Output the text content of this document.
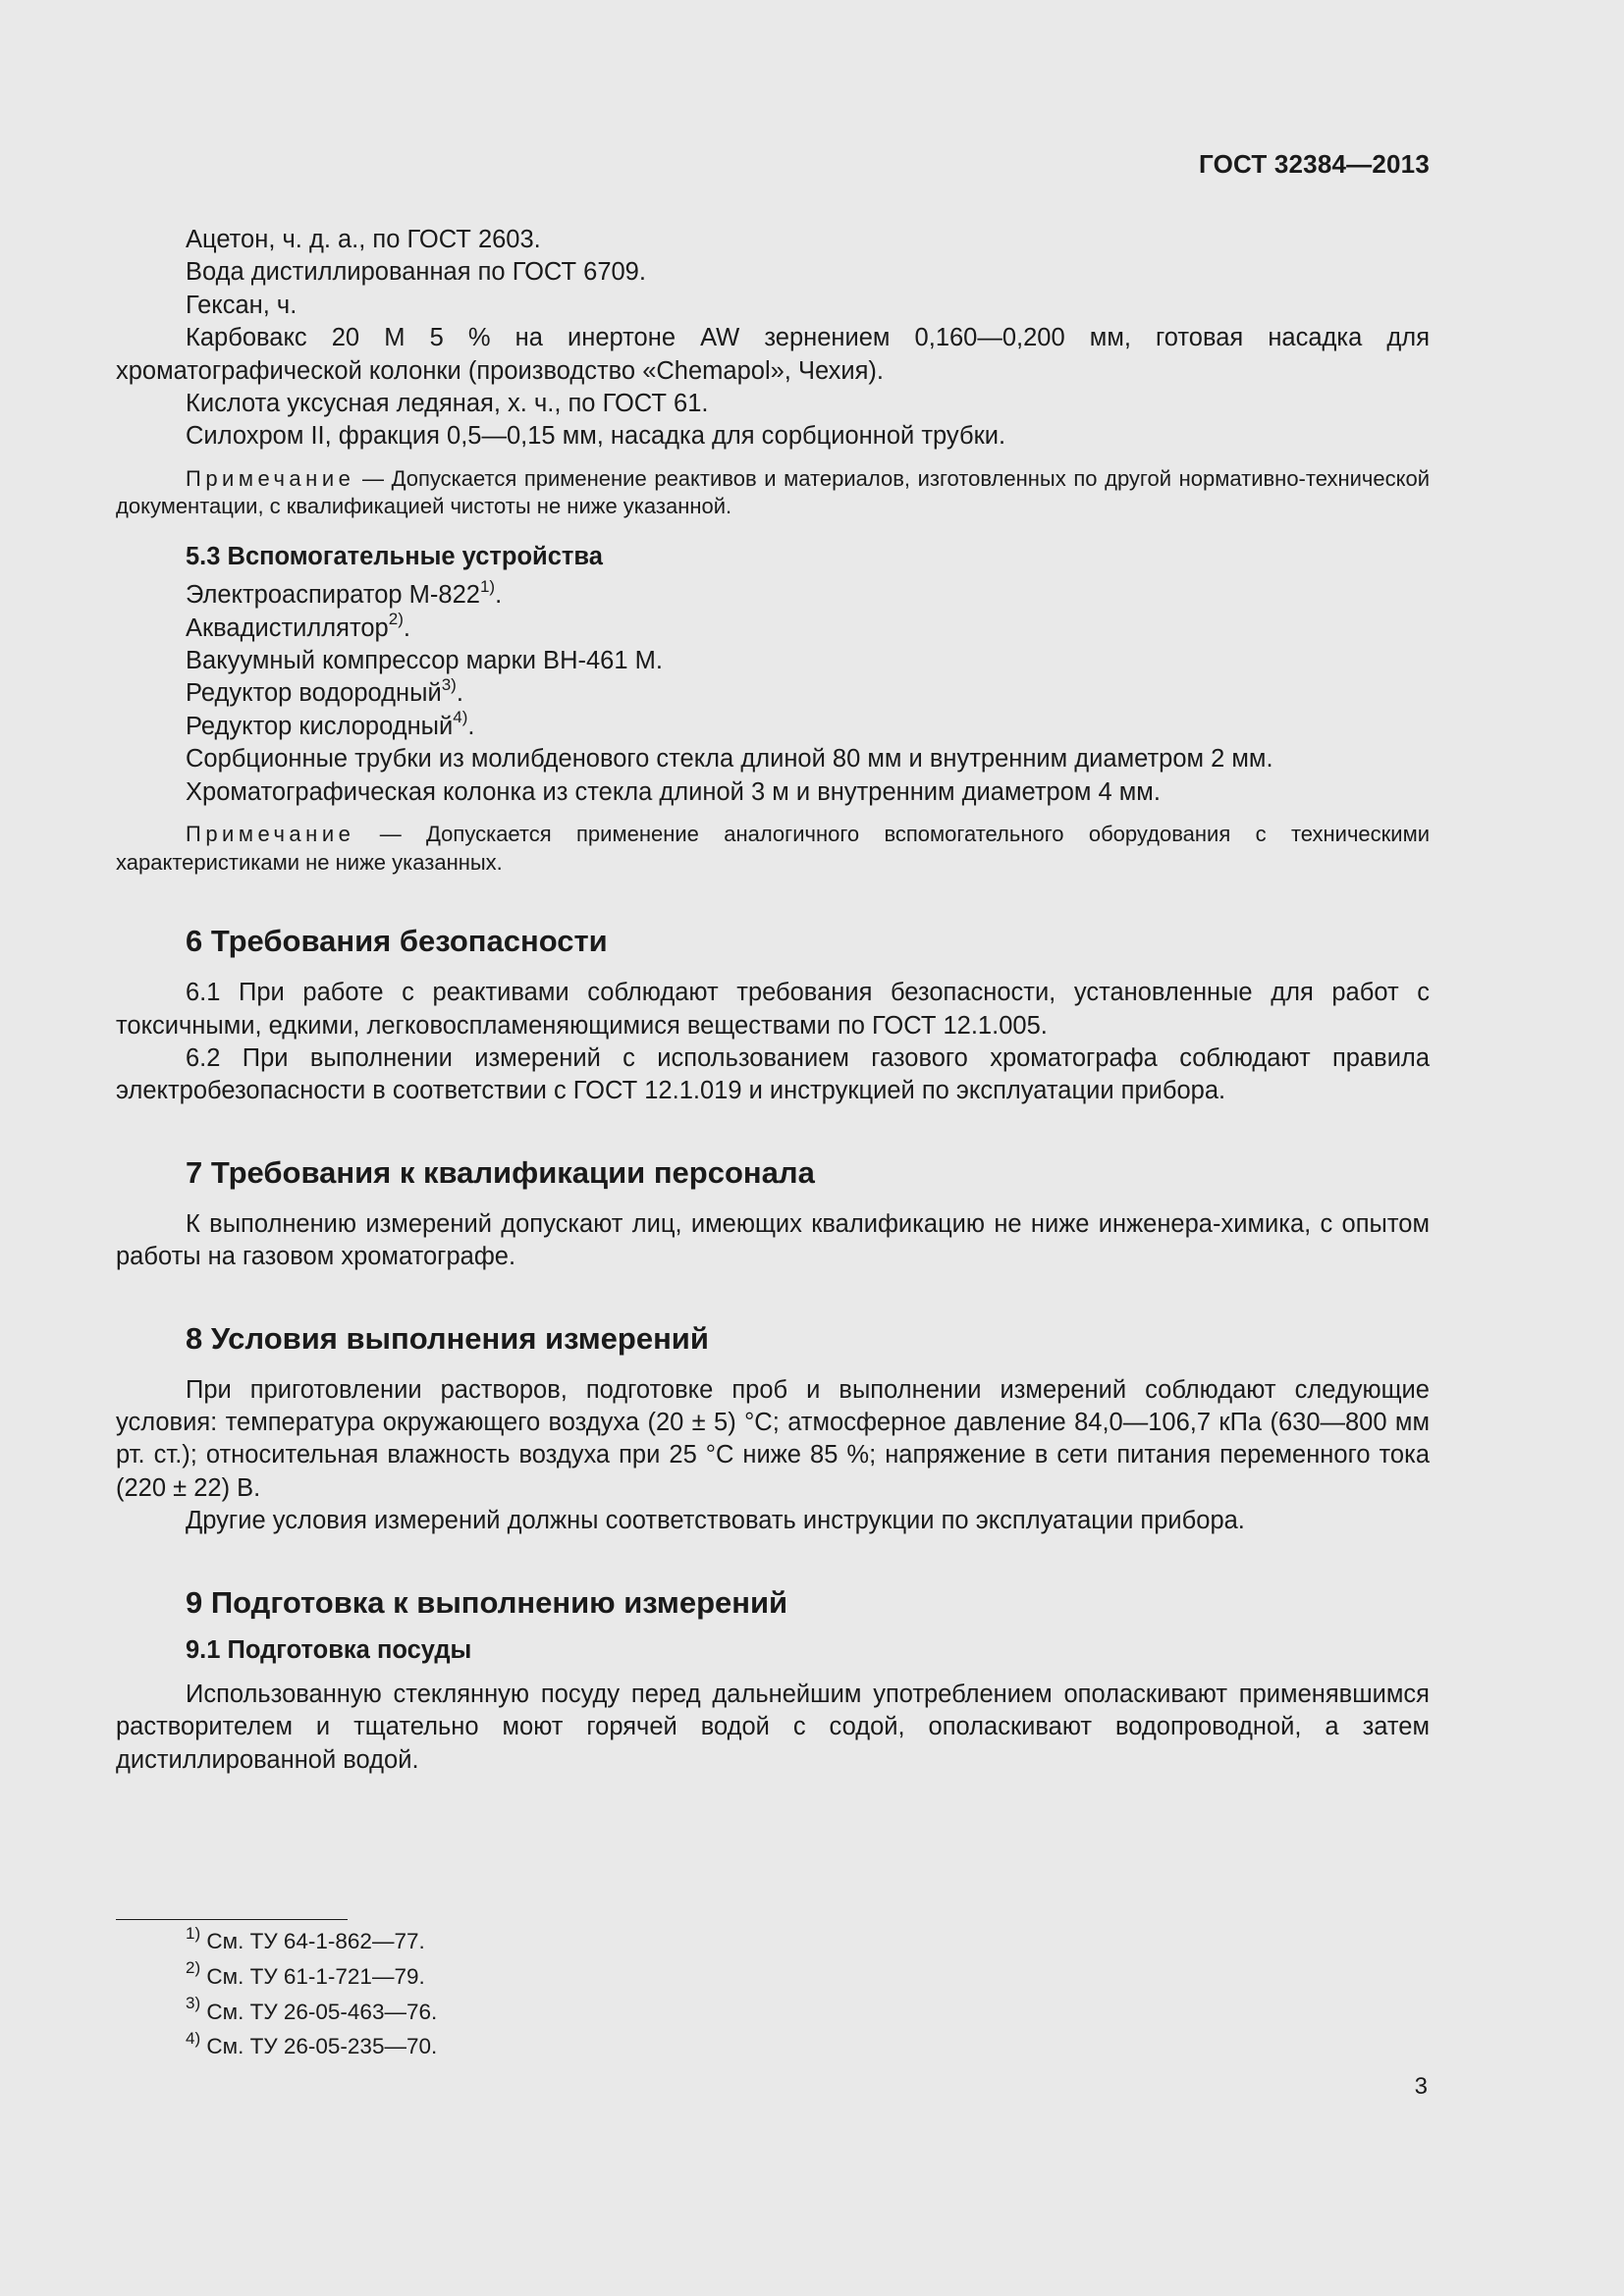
ГОСТ 32384—2013

Ацетон, ч. д. а., по ГОСТ 2603.

Вода дистиллированная по ГОСТ 6709.

Гексан, ч.

Карбовакс 20 М 5 % на инертоне AW зернением 0,160—0,200 мм, готовая насадка для хроматографической колонки (производство «Chemapol», Чехия).

Кислота уксусная ледяная, х. ч., по ГОСТ 61.

Силохром II, фракция 0,5—0,15 мм, насадка для сорбционной трубки.

Примечание — Допускается применение реактивов и материалов, изготовленных по другой нормативно-технической документации, с квалификацией чистоты не ниже указанной.

5.3 Вспомогательные устройства

Электроаспиратор М-822$^{1)}$.

Аквадистиллятор$^{2)}$.

Вакуумный компрессор марки ВН-461 М.

Редуктор водородный$^{3)}$.

Редуктор кислородный$^{4)}$.

Сорбционные трубки из молибденового стекла длиной 80 мм и внутренним диаметром 2 мм.

Хроматографическая колонка из стекла длиной 3 м и внутренним диаметром 4 мм.

Примечание — Допускается применение аналогичного вспомогательного оборудования с техническими характеристиками не ниже указанных.

6 Требования безопасности

6.1 При работе с реактивами соблюдают требования безопасности, установленные для работ с токсичными, едкими, легковоспламеняющимися веществами по ГОСТ 12.1.005.

6.2 При выполнении измерений с использованием газового хроматографа соблюдают правила электробезопасности в соответствии с ГОСТ 12.1.019 и инструкцией по эксплуатации прибора.

7 Требования к квалификации персонала

К выполнению измерений допускают лиц, имеющих квалификацию не ниже инженера-химика, с опытом работы на газовом хроматографе.

8 Условия выполнения измерений

При приготовлении растворов, подготовке проб и выполнении измерений соблюдают следующие условия: температура окружающего воздуха (20 ± 5) °С; атмосферное давление 84,0—106,7 кПа (630—800 мм рт. ст.); относительная влажность воздуха при 25 °С ниже 85 %; напряжение в сети питания переменного тока (220 ± 22) В.

Другие условия измерений должны соответствовать инструкции по эксплуатации прибора.

9 Подготовка к выполнению измерений

9.1 Подготовка посуды

Использованную стеклянную посуду перед дальнейшим употреблением ополаскивают применявшимся растворителем и тщательно моют горячей водой с содой, ополаскивают водопроводной, а затем дистиллированной водой.

$^{1)}$ См. ТУ 64-1-862—77.
$^{2)}$ См. ТУ 61-1-721—79.
$^{3)}$ См. ТУ 26-05-463—76.
$^{4)}$ См. ТУ 26-05-235—70.
3
